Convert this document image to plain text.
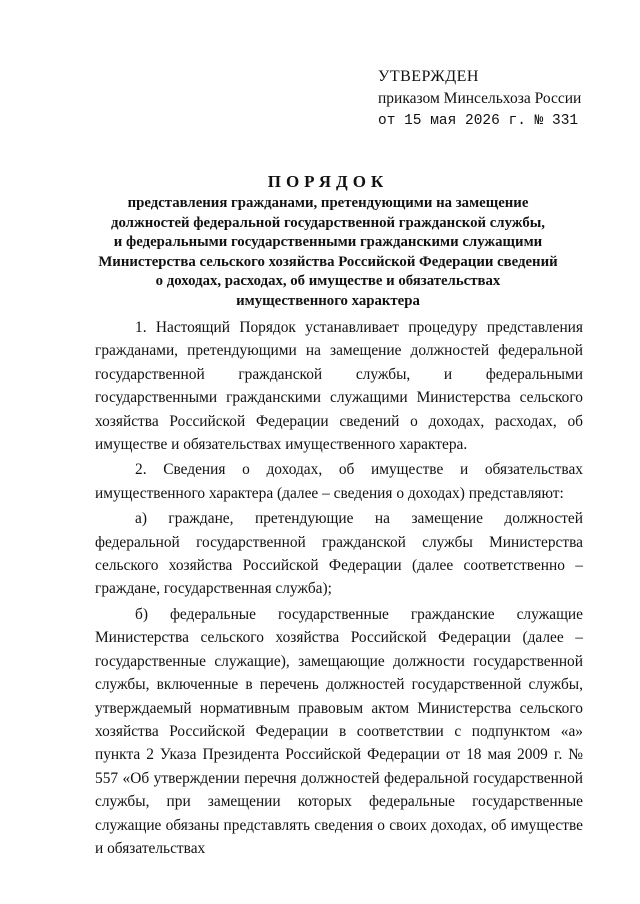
УТВЕРЖДЕН
приказом Минсельхоза России
от 15 мая 2026 г. № 331
ПОРЯДОК
представления гражданами, претендующими на замещение
должностей федеральной государственной гражданской службы,
и федеральными государственными гражданскими служащими
Министерства сельского хозяйства Российской Федерации сведений
о доходах, расходах, об имуществе и обязательствах
имущественного характера

1. Настоящий Порядок устанавливает процедуру представления гражданами, претендующими на замещение должностей федеральной государственной гражданской службы, и федеральными государственными гражданскими служащими Министерства сельского хозяйства Российской Федерации сведений о доходах, расходах, об имуществе и обязательствах имущественного характера.

2. Сведения о доходах, об имуществе и обязательствах имущественного характера (далее – сведения о доходах) представляют:

а) граждане, претендующие на замещение должностей федеральной государственной гражданской службы Министерства сельского хозяйства Российской Федерации (далее соответственно – граждане, государственная служба);

б) федеральные государственные гражданские служащие Министерства сельского хозяйства Российской Федерации (далее – государственные служащие), замещающие должности государственной службы, включенные в перечень должностей государственной службы, утверждаемый нормативным правовым актом Министерства сельского хозяйства Российской Федерации в соответствии с подпунктом «а» пункта 2 Указа Президента Российской Федерации от 18 мая 2009 г. № 557 «Об утверждении перечня должностей федеральной государственной службы, при замещении которых федеральные государственные служащие обязаны представлять сведения о своих доходах, об имуществе и обязательствах
